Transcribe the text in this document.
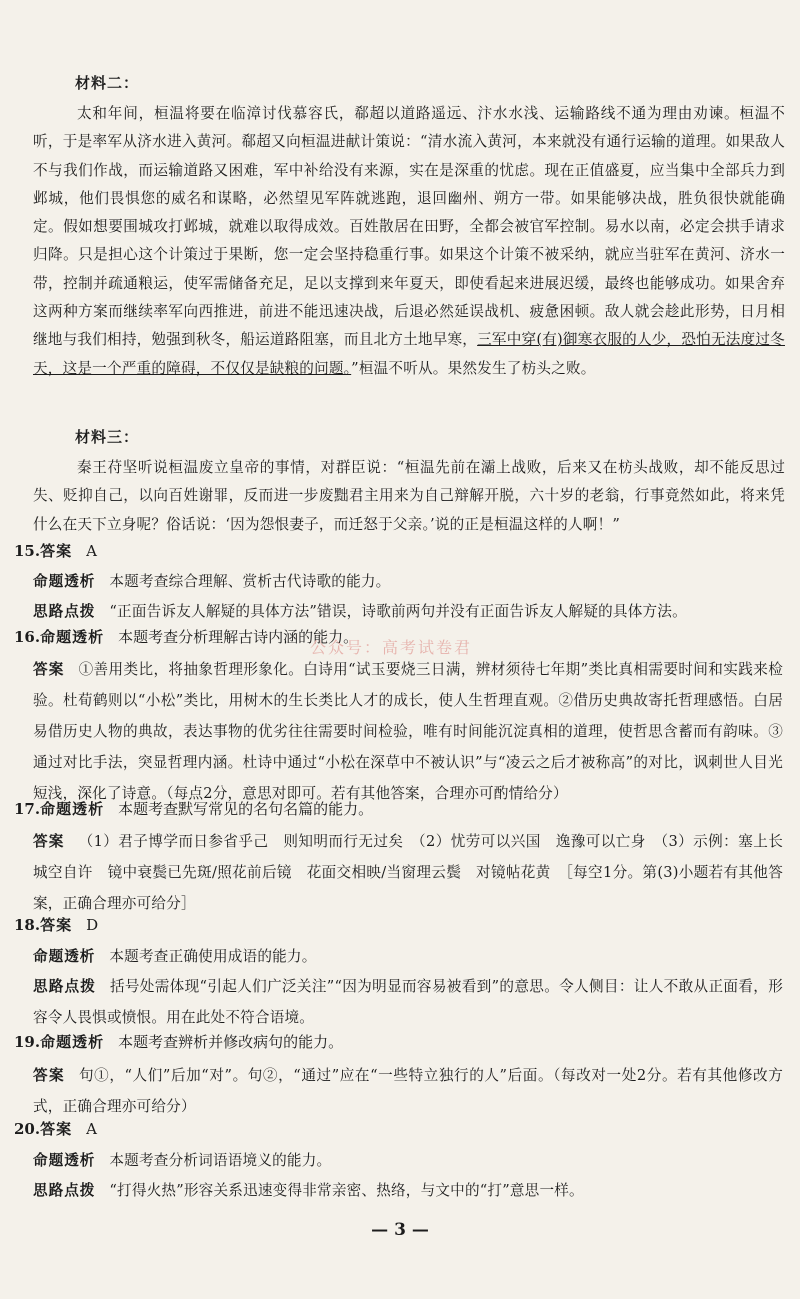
材料二：
太和年间，桓温将要在临漳讨伐慕容氏，郗超以道路遥远、汴水水浅、运输路线不通为理由劝谏。桓温不听，于是率军从济水进入黄河。郗超又向桓温进献计策说：“清水流入黄河，本来就没有通行运输的道理。如果敌人不与我们作战，而运输道路又困难，军中补给没有来源，实在是深重的忧虑。现在正值盛夏，应当集中全部兵力到邺城，他们畏惧您的威名和谋略，必然望见军阵就逃跑，退回幽州、朔方一带。如果能够决战，胜负很快就能确定。假如想要围城攻打邺城，就难以取得成效。百姓散居在田野，全都会被官军控制。易水以南，必定会拱手请求归降。只是担心这个计策过于果断，您一定会坚持稳重行事。如果这个计策不被采纳，就应当驻军在黄河、济水一带，控制并疏通粮运，使军需储备充足，足以支撑到来年夏天，即使看起来进展迟缓，最终也能够成功。如果舍弃这两种方案而继续率军向西推进，前进不能迅速决战，后退必然延误战机、疲惫困顿。敌人就会趁此形势，日月相继地与我们相持，勉强到秋冬，船运道路阻塞，而且北方土地早寒，三军中穿(有)御寒衣服的人少，恐怕无法度过冬天，这是一个严重的障碍，不仅仅是缺粮的问题。”桓温不听从。果然发生了枋头之败。
材料三：
秦王苻坚听说桓温废立皇帝的事情，对群臣说：“桓温先前在灞上战败，后来又在枋头战败，却不能反思过失、贬抑自己，以向百姓谢罪，反而进一步废黜君主用来为自己辩解开脱，六十岁的老翁，行事竟然如此，将来凭什么在天下立身呢？俗话说：‘因为怨恨妻子，而迁怒于父亲。’说的正是桓温这样的人啊！”
15.答案 A
命题透析 本题考查综合理解、赏析古代诗歌的能力。
思路点拨 “正面告诉友人解疑的具体方法”错误，诗歌前两句并没有正面告诉友人解疑的具体方法。
16.命题透析 本题考查分析理解古诗内涵的能力。
答案 ①善用类比，将抽象哲理形象化。白诗用“试玉要烧三日满，辨材须待七年期”类比真相需要时间和实践来检验。杜荀鹤则以“小松”类比，用树木的生长类比人才的成长，使人生哲理直观。②借历史典故寄托哲理感悟。白居易借历史人物的典故，表达事物的优劣往往需要时间检验，唯有时间能沉淀真相的道理，使哲思含蓄而有韵味。③通过对比手法，突显哲理内涵。杜诗中通过“小松在深草中不被认识”与“凌云之后才被称高”的对比，讽刺世人目光短浅，深化了诗意。（每点2分，意思对即可。若有其他答案，合理亦可酌情给分）
17.命题透析 本题考查默写常见的名句名篇的能力。
答案 （1）君子博学而日参省乎己　则知明而行无过矣　（2）忧劳可以兴国　逸豫可以亡身　（3）示例：塞上长城空自许　镜中衰鬓已先斑/照花前后镜　花面交相映/当窗理云鬓　对镜帖花黄　［每空1分。第(3)小题若有其他答案，正确合理亦可给分］
18.答案 D
命题透析 本题考查正确使用成语的能力。
思路点拨 括号处需体现“引起人们广泛关注”“因为明显而容易被看到”的意思。令人侧目：让人不敢从正面看，形容令人畏惧或愤恨。用在此处不符合语境。
19.命题透析 本题考查辨析并修改病句的能力。
答案 句①，“人们”后加“对”。句②，“通过”应在“一些特立独行的人”后面。（每改对一处2分。若有其他修改方式，正确合理亦可给分）
20.答案 A
命题透析 本题考查分析词语语境义的能力。
思路点拨 “打得火热”形容关系迅速变得非常亲密、热络，与文中的“打”意思一样。
公众号：高考试卷君
— 3 —
